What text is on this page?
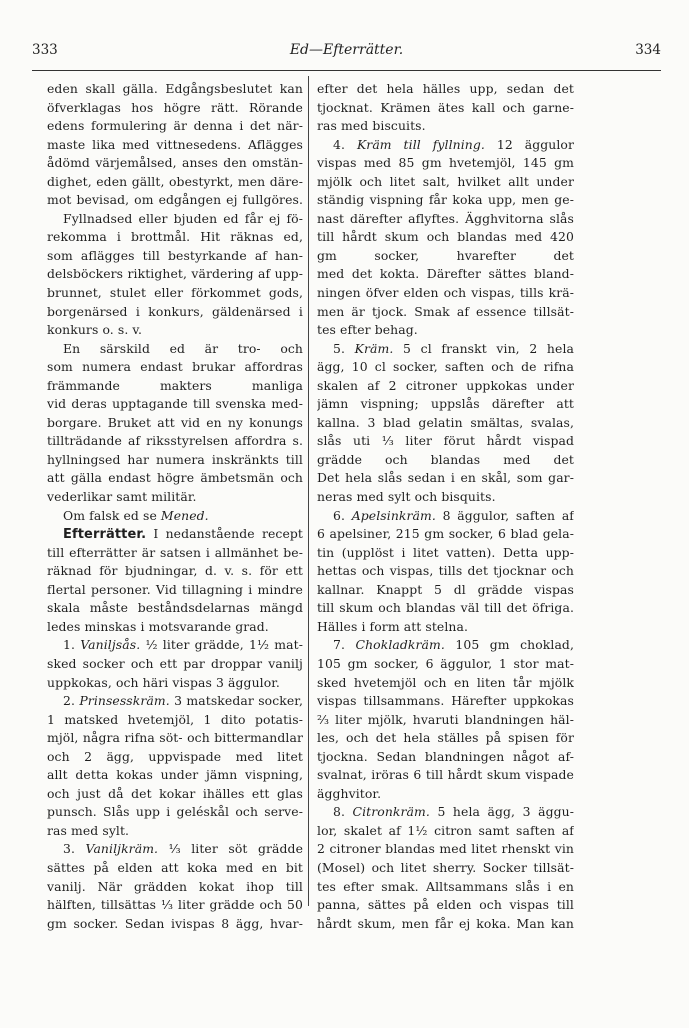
333	Ed—Efterrätter.	334
eden skall gälla. Edgångsbeslutet kan
öfverklagas hos högre rätt. Rörande
edens formulering är denna i det när-
maste lika med vittnesedens. Aflägges
ådömd värjemålsed, anses den omstän-
dighet, eden gällt, obestyrkt, men däre-
mot bevisad, om edgången ej fullgöres.
Fyllnadsed eller bjuden ed får ej fö-
rekomma i brottmål. Hit räknas ed,
som aflägges till bestyrkande af han-
delsböckers riktighet, värdering af upp-
brunnet, stulet eller förkommet gods,
borgenärsed i konkurs, gäldenärsed i
konkurs o. s. v.
En särskild ed är tro- och
som numera endast brukar affordras
främmande makters manliga
vid deras upptagande till svenska med-
borgare. Bruket att vid en ny konungs
tillträdande af riksstyrelsen affordra s.
hyllningsed har numera inskränkts till
att gälla endast högre ämbetsmän och
vederlikar samt militär.
Om falsk ed se Mened.
Efterrätter. I nedanstående recept
till efterrätter är satsen i allmänhet be-
räknad för bjudningar, d. v. s. för ett
flertal personer. Vid tillagning i mindre
skala måste beståndsdelarnas mängd
ledes minskas i motsvarande grad.
1. Vaniljsås. ½ liter grädde, 1½ mat-
sked socker och ett par droppar vanilj
uppkokas, och häri vispas 3 äggulor.
2. Prinsesskräm. 3 matskedar socker,
1 matsked hvetemjöl, 1 dito potatis-
mjöl, några rifna söt- och bittermandlar
och 2 ägg, uppvispade med litet
allt detta kokas under jämn vispning,
och just då det kokar ihälles ett glas
punsch. Slås upp i geléskål och serve-
ras med sylt.
3. Vaniljkräm. ⅓ liter söt grädde
sättes på elden att koka med en bit
vanilj. När grädden kokat ihop till
hälften, tillsättas ⅓ liter grädde och 50
gm socker. Sedan ivispas 8 ägg, hvar-
efter det hela hälles upp, sedan det
tjocknat. Krämen ätes kall och garne-
ras med biscuits.
4. Kräm till fyllning. 12 äggulor
vispas med 85 gm hvetemjöl, 145 gm
mjölk och litet salt, hvilket allt under
ständig vispning får koka upp, men ge-
nast därefter aflyftes. Ägghvitorna slås
till hårdt skum och blandas med 420
gm socker, hvarefter det
med det kokta. Därefter sättes bland-
ningen öfver elden och vispas, tills krä-
men är tjock. Smak af essence tillsät-
tes efter behag.
5. Kräm. 5 cl franskt vin, 2 hela
ägg, 10 cl socker, saften och de rifna
skalen af 2 citroner uppkokas under
jämn vispning; uppslås därefter att
kallna. 3 blad gelatin smältas, svalas,
slås uti ⅓ liter förut hårdt vispad
grädde och blandas med det
Det hela slås sedan i en skål, som gar-
neras med sylt och bisquits.
6. Apelsinkräm. 8 äggulor, saften af
6 apelsiner, 215 gm socker, 6 blad gela-
tin (upplöst i litet vatten). Detta upp-
hettas och vispas, tills det tjocknar och
kallnar. Knappt 5 dl grädde vispas
till skum och blandas väl till det öfriga.
Hälles i form att stelna.
7. Chokladkräm. 105 gm choklad,
105 gm socker, 6 äggulor, 1 stor mat-
sked hvetemjöl och en liten tår mjölk
vispas tillsammans. Härefter uppkokas
⅔ liter mjölk, hvaruti blandningen häl-
les, och det hela ställes på spisen för
tjockna. Sedan blandningen något af-
svalnat, iröras 6 till hårdt skum vispade
ägghvitor.
8. Citronkräm. 5 hela ägg, 3 äggu-
lor, skalet af 1½ citron samt saften af
2 citroner blandas med litet rhenskt vin
(Mosel) och litet sherry. Socker tillsät-
tes efter smak. Alltsammans slås i en
panna, sättes på elden och vispas till
hårdt skum, men får ej koka. Man kan
